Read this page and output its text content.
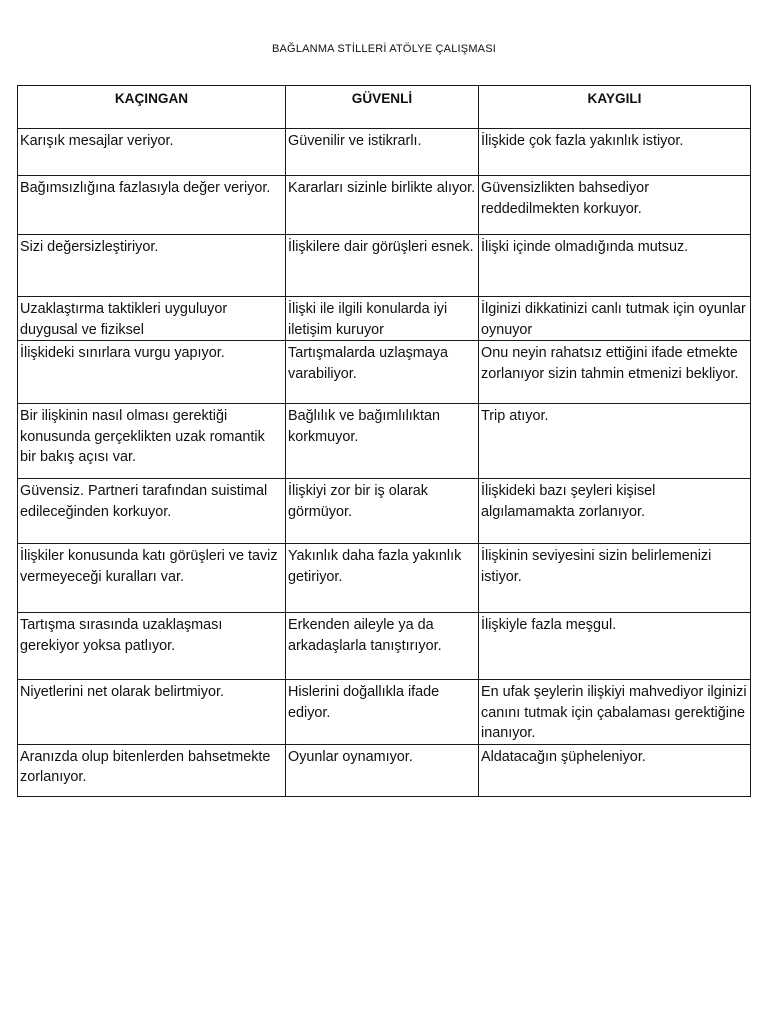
BAĞLANMA STİLLERİ ATÖLYE ÇALIŞMASI
KAÇINGAN	GÜVENLİ	KAYGILI
Karışık mesajlar veriyor.	Güvenilir ve istikrarlı.	İlişkide çok fazla yakınlık istiyor.
Bağımsızlığına fazlasıyla değer veriyor.	Kararları sizinle birlikte alıyor.	Güvensizlikten bahsediyor reddedilmekten korkuyor.
Sizi değersizleştiriyor.	İlişkilere dair görüşleri esnek.	İlişki içinde olmadığında mutsuz.
Uzaklaştırma taktikleri uyguluyor duygusal ve fiziksel	İlişki ile ilgili konularda iyi iletişim kuruyor	İlginizi dikkatinizi canlı tutmak için oyunlar oynuyor
İlişkideki sınırlara vurgu yapıyor.	Tartışmalarda uzlaşmaya varabiliyor.	Onu neyin rahatsız ettiğini ifade etmekte zorlanıyor sizin tahmin etmenizi bekliyor.
Bir ilişkinin nasıl olması gerektiği konusunda gerçeklikten uzak romantik bir bakış açısı var.	Bağlılık ve bağımlılıktan korkmuyor.	Trip atıyor.
Güvensiz. Partneri tarafından suistimal edileceğinden korkuyor.	İlişkiyi zor bir iş olarak görmüyor.	İlişkideki bazı şeyleri kişisel algılamamakta zorlanıyor.
İlişkiler konusunda katı görüşleri ve taviz vermeyeceği kuralları var.	Yakınlık daha fazla yakınlık getiriyor.	İlişkinin seviyesini sizin belirlemenizi istiyor.
Tartışma sırasında uzaklaşması gerekiyor yoksa patlıyor.	Erkenden aileyle ya da arkadaşlarla tanıştırıyor.	İlişkiyle fazla meşgul.
Niyetlerini net olarak belirtmiyor.	Hislerini doğallıkla ifade ediyor.	En ufak şeylerin ilişkiyi mahvediyor ilginizi canını tutmak için çabalaması gerektiğine inanıyor.
Aranızda olup bitenlerden bahsetmekte zorlanıyor.	Oyunlar oynamıyor.	Aldatacağın şüpheleniyor.
